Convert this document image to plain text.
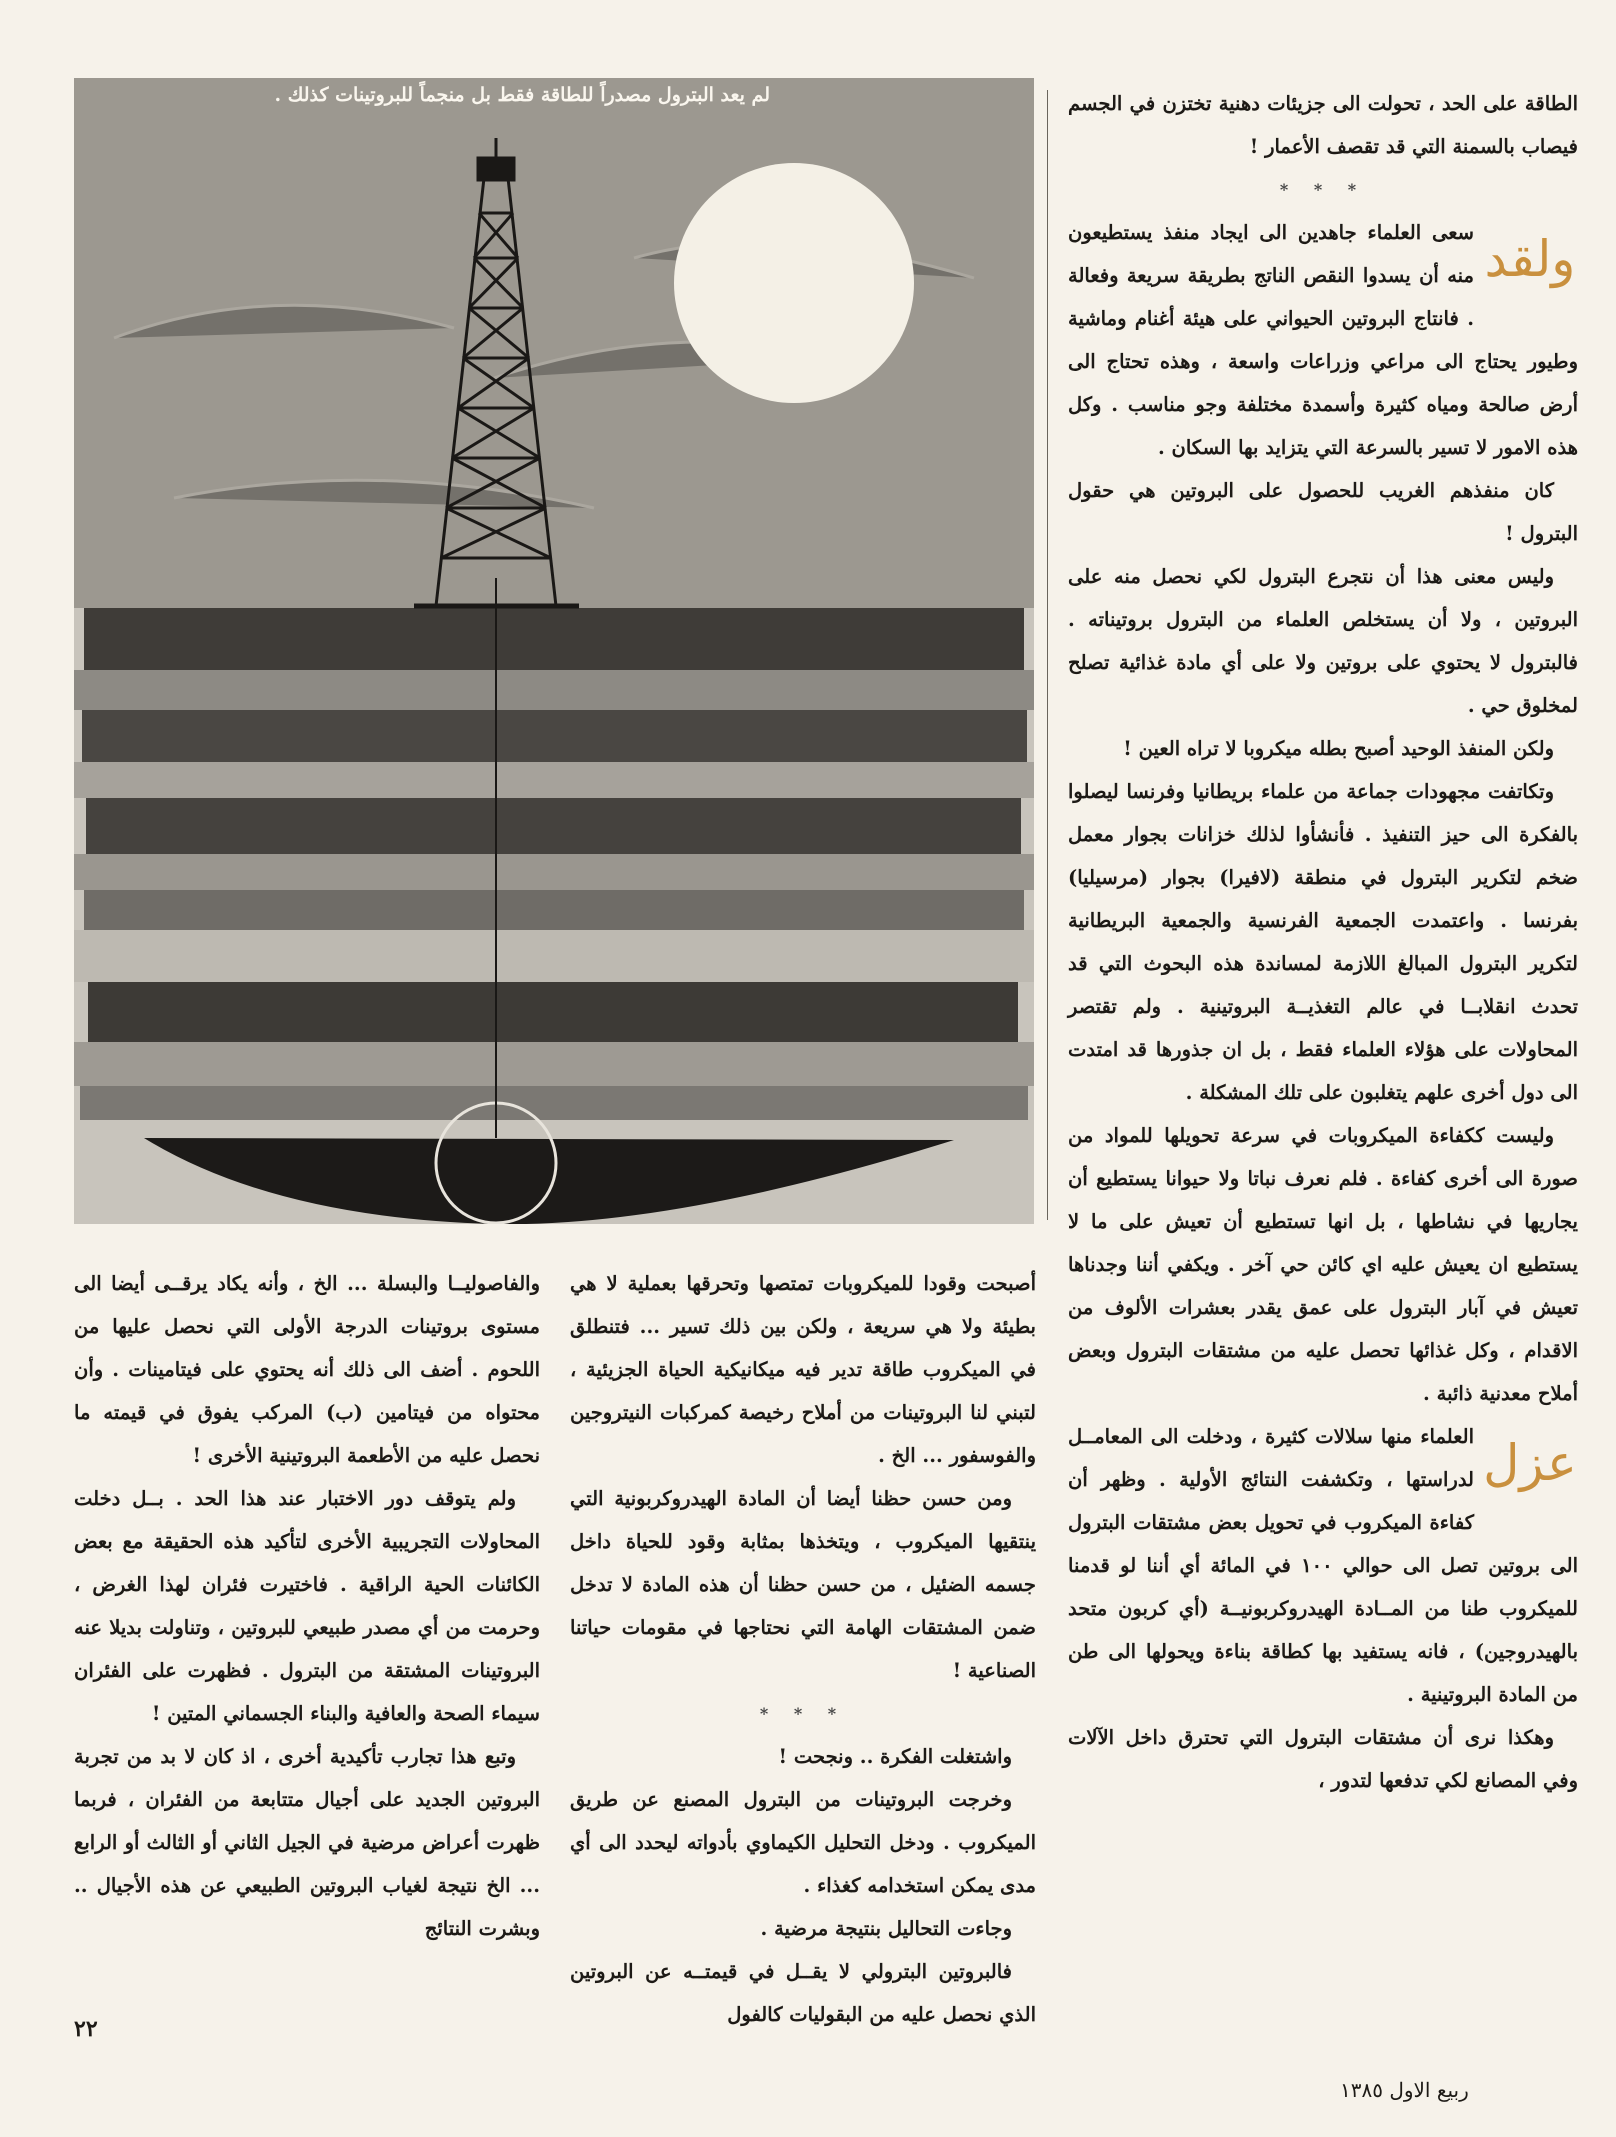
لم يعد البترول مصدراً للطاقة فقط بل منجماً للبروتينات كذلك .	الطاقة على الحد ، تحولت الى جزيئات دهنية تختزن في الجسم فيصاب بالسمنة التي قد تقصف الأعمار !

* * *

ولقد
سعى العلماء جاهدين الى ايجاد منفذ يستطيعون منه أن يسدوا النقص الناتج بطريقة سريعة وفعالة . فانتاج البروتين الحيواني على هيئة أغنام وماشية وطيور يحتاج الى مراعي وزراعات واسعة ، وهذه تحتاج الى أرض صالحة ومياه كثيرة وأسمدة مختلفة وجو مناسب . وكل هذه الامور لا تسير بالسرعة التي يتزايد بها السكان .

كان منفذهم الغريب للحصول على البروتين هي حقول البترول !

وليس معنى هذا أن نتجرع البترول لكي نحصل منه على البروتين ، ولا أن يستخلص العلماء من البترول بروتيناته . فالبترول لا يحتوي على بروتين ولا على أي مادة غذائية تصلح لمخلوق حي .

ولكن المنفذ الوحيد أصبح بطله ميكروبا لا تراه العين !

وتكاتفت مجهودات جماعة من علماء بريطانيا وفرنسا ليصلوا بالفكرة الى حيز التنفيذ . فأنشأوا لذلك خزانات بجوار معمل ضخم لتكرير البترول في منطقة (لافيرا) بجوار (مرسيليا) بفرنسا . واعتمدت الجمعية الفرنسية والجمعية البريطانية لتكرير البترول المبالغ اللازمة لمساندة هذه البحوث التي قد تحدث انقلابــا في عالم التغذيــة البروتينية . ولم تقتصر المحاولات على هؤلاء العلماء فقط ، بل ان جذورها قد امتدت الى دول أخرى علهم يتغلبون على تلك المشكلة .

وليست ككفاءة الميكروبات في سرعة تحويلها للمواد من صورة الى أخرى كفاءة . فلم نعرف نباتا ولا حيوانا يستطيع أن يجاريها في نشاطها ، بل انها تستطيع أن تعيش على ما لا يستطيع ان يعيش عليه اي كائن حي آخر . ويكفي أننا وجدناها تعيش في آبار البترول على عمق يقدر بعشرات الألوف من الاقدام ، وكل غذائها تحصل عليه من مشتقات البترول وبعض أملاح معدنية ذائبة .

عزل
العلماء منها سلالات كثيرة ، ودخلت الى المعامــل لدراستها ، وتكشفت النتائج الأولية . وظهر أن كفاءة الميكروب في تحويل بعض مشتقات البترول الى بروتين تصل الى حوالي ١٠٠ في المائة أي أننا لو قدمنا للميكروب طنا من المــادة الهيدروكربونيــة (أي كربون متحد بالهيدروجين) ، فانه يستفيد بها كطاقة بناءة ويحولها الى طن من المادة البروتينية .

وهكذا نرى أن مشتقات البترول التي تحترق داخل الآلات وفي المصانع لكي تدفعها لتدور ،

أصبحت وقودا للميكروبات تمتصها وتحرقها بعملية لا هي بطيئة ولا هي سريعة ، ولكن بين ذلك تسير ... فتنطلق في الميكروب طاقة تدير فيه ميكانيكية الحياة الجزيئية ، لتبني لنا البروتينات من أملاح رخيصة كمركبات النيتروجين والفوسفور ... الخ .

ومن حسن حظنا أيضا أن المادة الهيدروكربونية التي ينتقيها الميكروب ، ويتخذها بمثابة وقود للحياة داخل جسمه الضئيل ، من حسن حظنا أن هذه المادة لا تدخل ضمن المشتقات الهامة التي نحتاجها في مقومات حياتنا الصناعية !

* * *

واشتغلت الفكرة .. ونجحت !

وخرجت البروتينات من البترول المصنع عن طريق الميكروب . ودخل التحليل الكيماوي بأدواته ليحدد الى أي مدى يمكن استخدامه كغذاء .

وجاءت التحاليل بنتيجة مرضية .

فالبروتين البترولي لا يقــل في قيمتــه عن البروتين الذي نحصل عليه من البقوليات كالفول

والفاصوليــا والبسلة ... الخ ، وأنه يكاد يرقــى أيضا الى مستوى بروتينات الدرجة الأولى التي نحصل عليها من اللحوم . أضف الى ذلك أنه يحتوي على فيتامينات . وأن محتواه من فيتامين (ب) المركب يفوق في قيمته ما نحصل عليه من الأطعمة البروتينية الأخرى !

ولم يتوقف دور الاختبار عند هذا الحد . بــل دخلت المحاولات التجريبية الأخرى لتأكيد هذه الحقيقة مع بعض الكائنات الحية الراقية . فاختيرت فئران لهذا الغرض ، وحرمت من أي مصدر طبيعي للبروتين ، وتناولت بديلا عنه البروتينات المشتقة من البترول . فظهرت على الفئران سيماء الصحة والعافية والبناء الجسماني المتين !

وتبع هذا تجارب تأكيدية أخرى ، اذ كان لا بد من تجربة البروتين الجديد على أجيال متتابعة من الفئران ، فربما ظهرت أعراض مرضية في الجيل الثاني أو الثالث أو الرابع ... الخ نتيجة لغياب البروتين الطبيعي عن هذه الأجيال .. وبشرت النتائج

٢٢
ربيع الاول ١٣٨٥
